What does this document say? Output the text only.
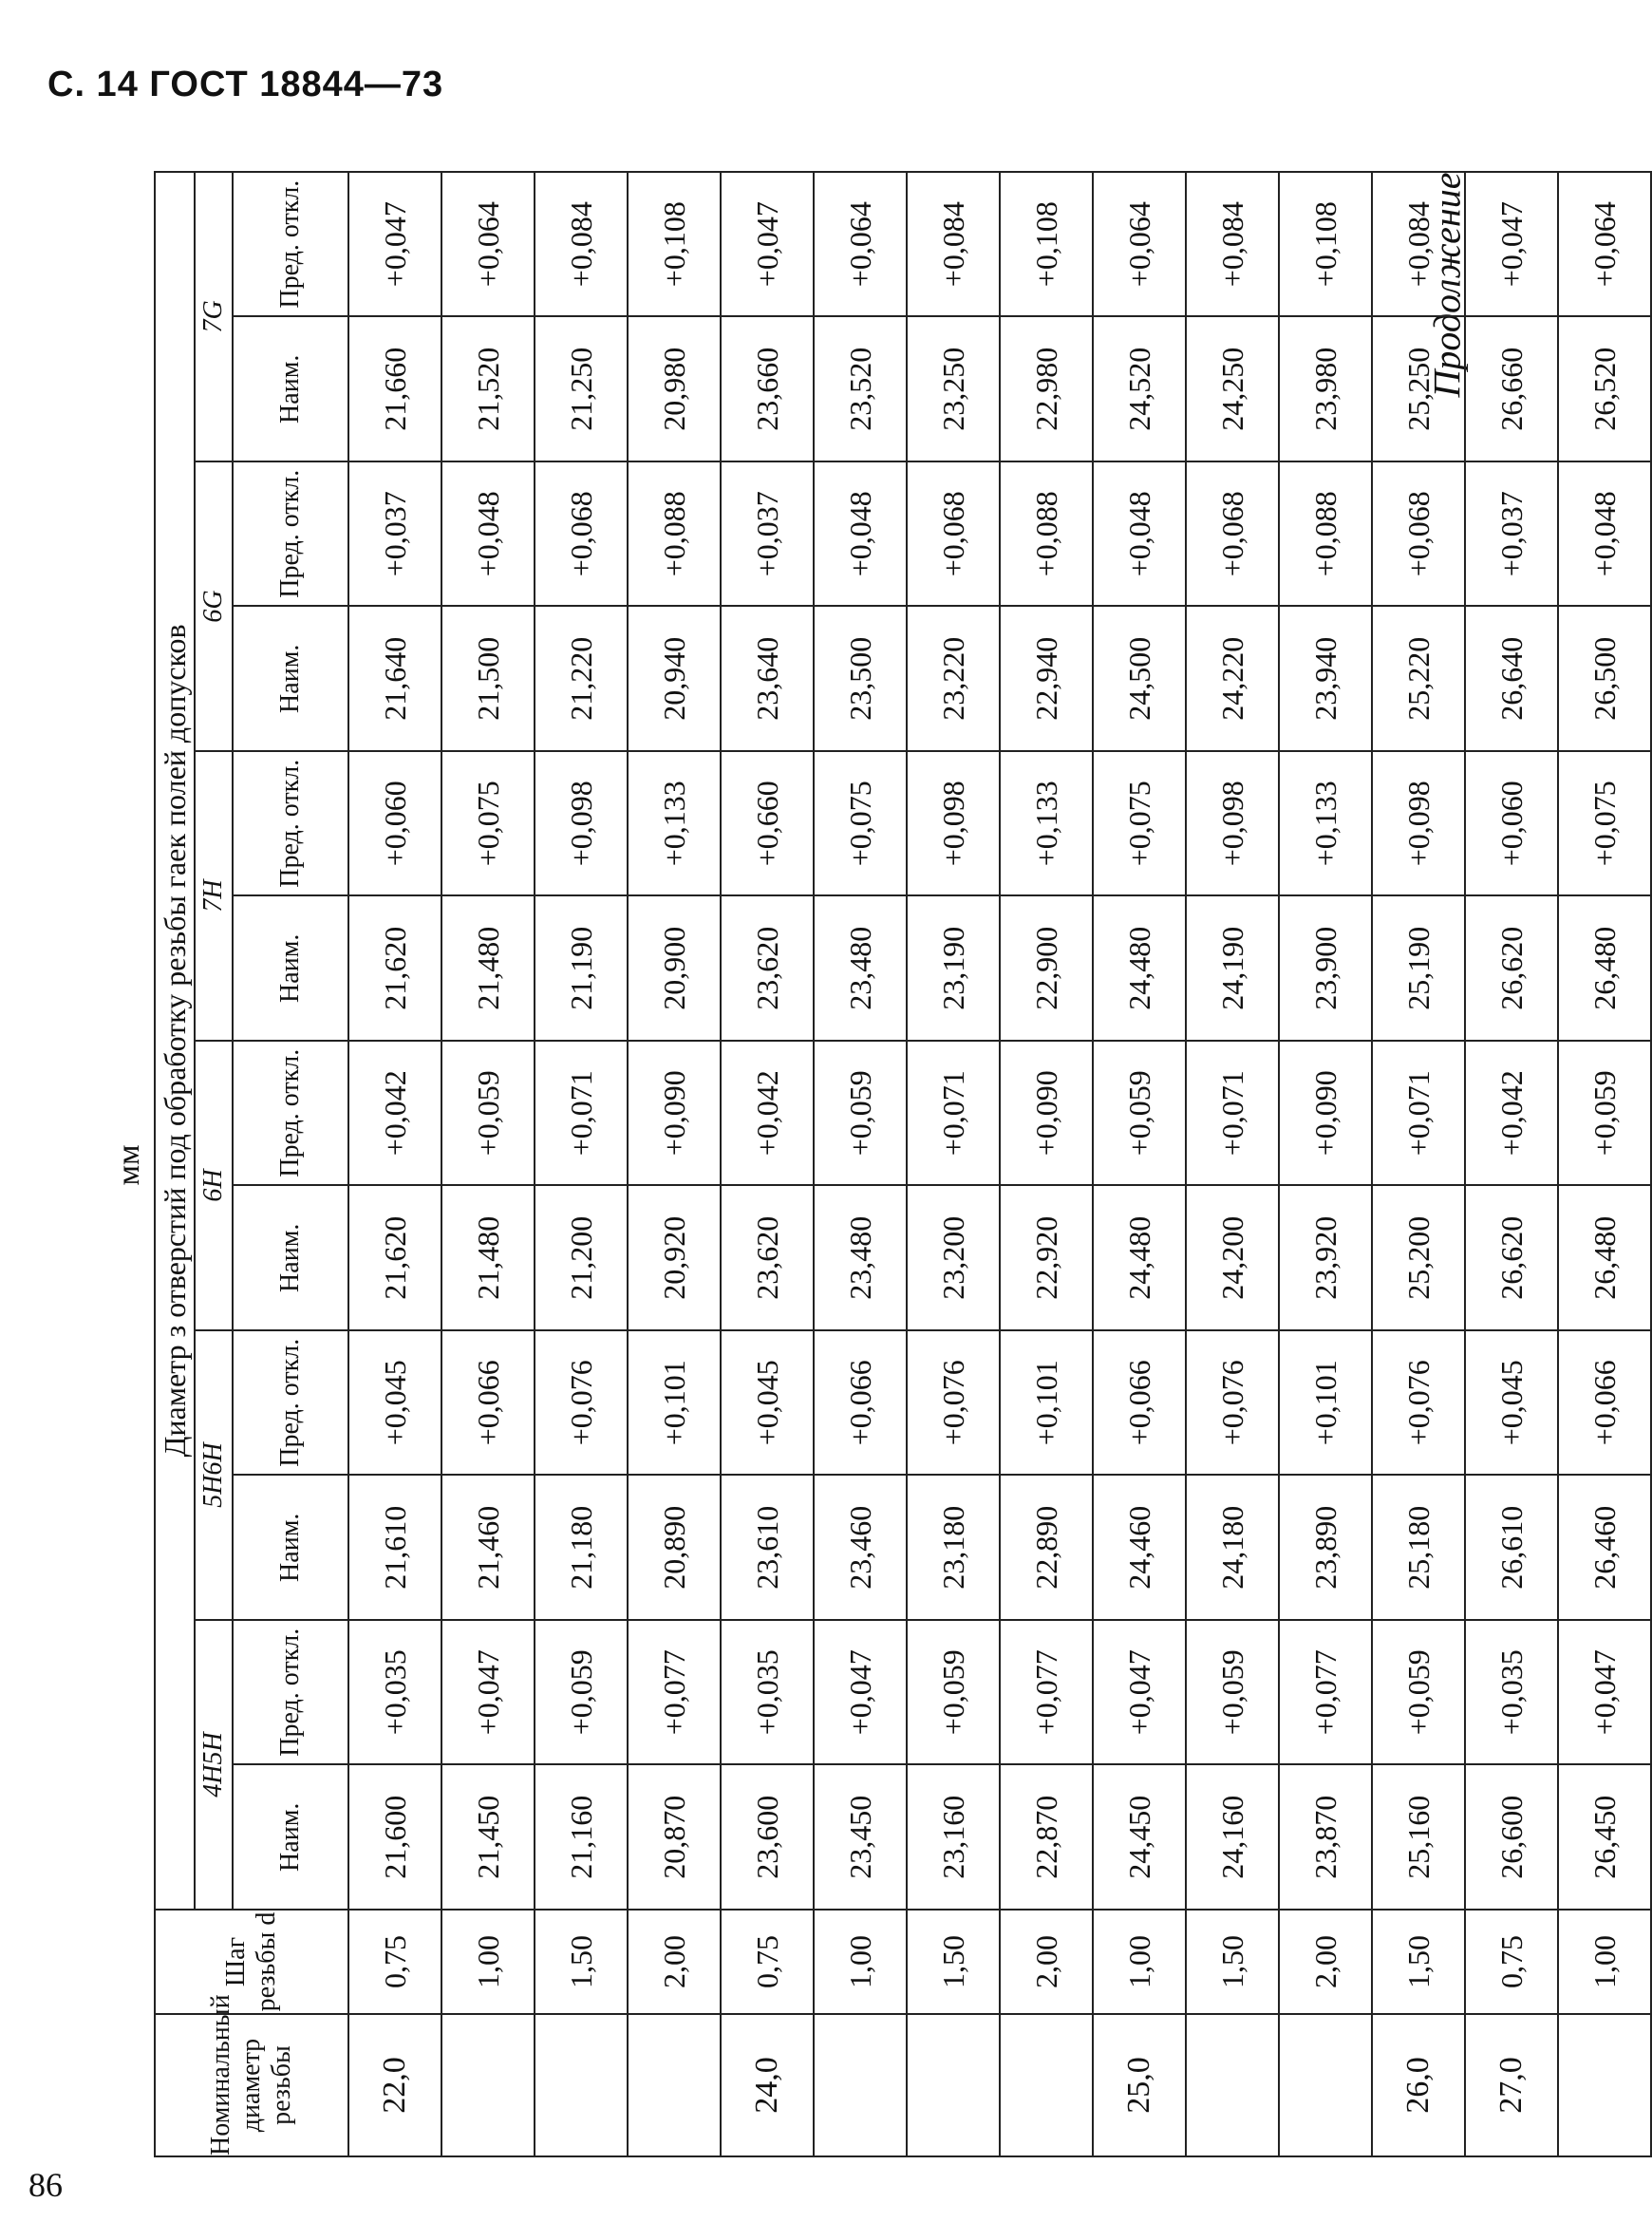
С. 14 ГОСТ 18844—73
Продолжение
мм
Номинальный диаметр резьбы	Шаг резьбы d	Диаметр з отверстий под обработку резьбы гаек полей допусков											
		4H5H		5H6H		6H		7H		6G		7G	

		Наим.	Пред. откл.	Наим.	Пред. откл.	Наим.	Пред. откл.	Наим.	Пред. откл.	Наим.	Пред. откл.	Наим.	Пред. откл.

22,0	0,75	21,600	+0,035	21,610	+0,045	21,620	+0,042	21,620	+0,060	21,640	+0,037	21,660	+0,047
	1,00	21,450	+0,047	21,460	+0,066	21,480	+0,059	21,480	+0,075	21,500	+0,048	21,520	+0,064
	1,50	21,160	+0,059	21,180	+0,076	21,200	+0,071	21,190	+0,098	21,220	+0,068	21,250	+0,084
	2,00	20,870	+0,077	20,890	+0,101	20,920	+0,090	20,900	+0,133	20,940	+0,088	20,980	+0,108
24,0	0,75	23,600	+0,035	23,610	+0,045	23,620	+0,042	23,620	+0,660	23,640	+0,037	23,660	+0,047
	1,00	23,450	+0,047	23,460	+0,066	23,480	+0,059	23,480	+0,075	23,500	+0,048	23,520	+0,064
	1,50	23,160	+0,059	23,180	+0,076	23,200	+0,071	23,190	+0,098	23,220	+0,068	23,250	+0,084
	2,00	22,870	+0,077	22,890	+0,101	22,920	+0,090	22,900	+0,133	22,940	+0,088	22,980	+0,108
25,0	1,00	24,450	+0,047	24,460	+0,066	24,480	+0,059	24,480	+0,075	24,500	+0,048	24,520	+0,064
	1,50	24,160	+0,059	24,180	+0,076	24,200	+0,071	24,190	+0,098	24,220	+0,068	24,250	+0,084
	2,00	23,870	+0,077	23,890	+0,101	23,920	+0,090	23,900	+0,133	23,940	+0,088	23,980	+0,108
26,0	1,50	25,160	+0,059	25,180	+0,076	25,200	+0,071	25,190	+0,098	25,220	+0,068	25,250	+0,084
27,0	0,75	26,600	+0,035	26,610	+0,045	26,620	+0,042	26,620	+0,060	26,640	+0,037	26,660	+0,047
	1,00	26,450	+0,047	26,460	+0,066	26,480	+0,059	26,480	+0,075	26,500	+0,048	26,520	+0,064
86
